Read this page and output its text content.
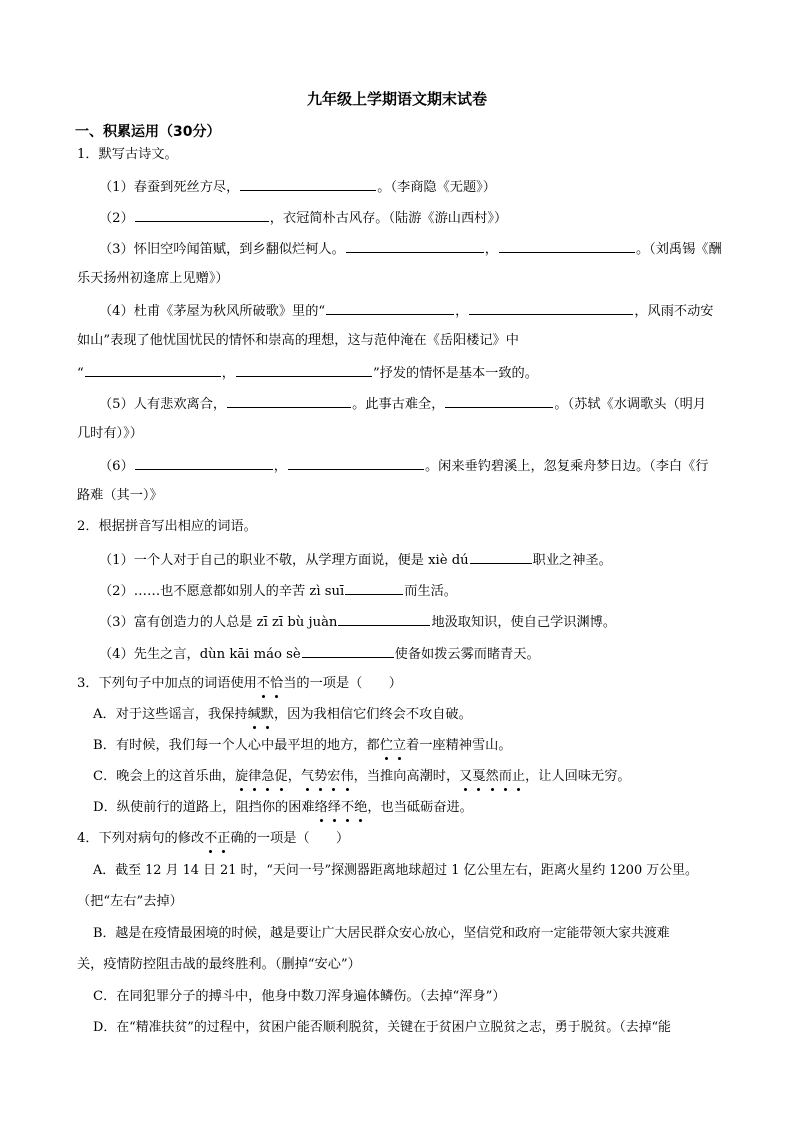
九年级上学期语文期末试卷
一、积累运用（30分）
1．默写古诗文。
（1）春蚕到死丝方尽，	。（李商隐《无题》）
（2）	，衣冠简朴古风存。（陆游《游山西村》）
（3）怀旧空吟闻笛赋，到乡翻似烂柯人。	，	。（刘禹锡《酬
乐天扬州初逢席上见赠》）
（4）杜甫《茅屋为秋风所破歌》里的“	，	，风雨不动安
如山”表现了他忧国忧民的情怀和崇高的理想，这与范仲淹在《岳阳楼记》中
“	，	”抒发的情怀是基本一致的。
（5）人有悲欢离合，	。此事古难全，	。（苏轼《水调歌头（明月
几时有）》）
（6）	，	。闲来垂钓碧溪上，忽复乘舟梦日边。（李白《行
路难（其一）》
2．根据拼音写出相应的词语。
（1）一个人对于自己的职业不敬，从学理方面说，便是 xiè dú	职业之神圣。
（2）……也不愿意都如别人的辛苦 zì suī	而生活。
（3）富有创造力的人总是 zī zī bù juàn	地汲取知识，使自己学识渊博。
（4）先生之言，dùn kāi máo sè	使备如拨云雾而睹青天。
3．下列句子中加点的词语使用不恰当的一项是（　　）
A．对于这些谣言，我保持缄默，因为我相信它们终会不攻自破。
B．有时候，我们每一个人心中最平坦的地方，都伫立着一座精神雪山。
C．晚会上的这首乐曲，旋律急促，气势宏伟，当推向高潮时，又戛然而止，让人回味无穷。
D．纵使前行的道路上，阻挡你的困难络绎不绝，也当砥砺奋进。
4．下列对病句的修改不正确的一项是（　　）
A．截至 12 月 14 日 21 时，“天问一号”探测器距离地球超过 1 亿公里左右，距离火星约 1200 万公里。
（把“左右”去掉）
B．越是在疫情最困境的时候，越是要让广大居民群众安心放心，坚信党和政府一定能带领大家共渡难
关，疫情防控阻击战的最终胜利。（删掉“安心”）
C．在同犯罪分子的搏斗中，他身中数刀浑身遍体鳞伤。（去掉“浑身”）
D．在“精准扶贫”的过程中，贫困户能否顺利脱贫，关键在于贫困户立脱贫之志，勇于脱贫。（去掉“能
